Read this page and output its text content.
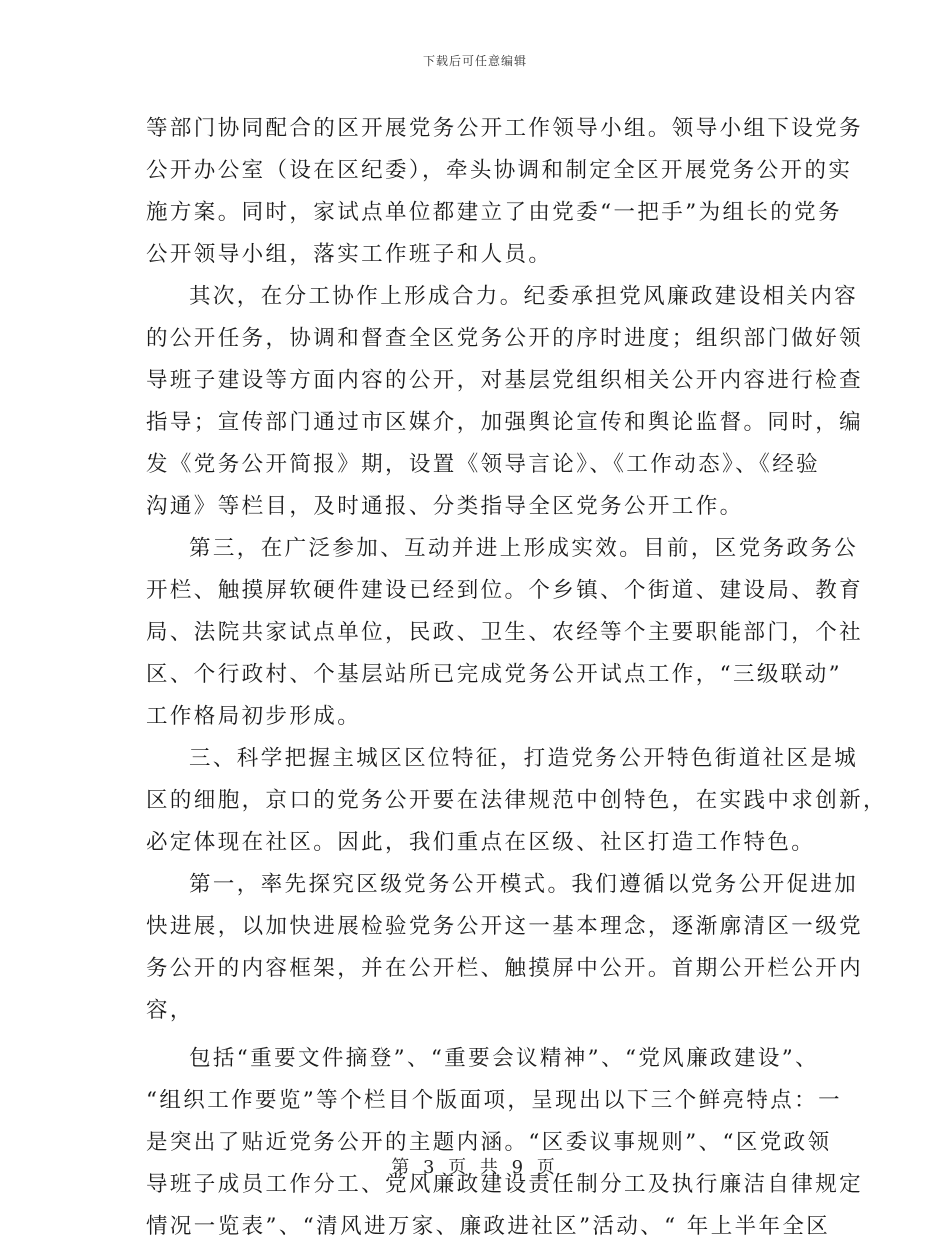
下载后可任意编辑
等部门协同配合的区开展党务公开工作领导小组。领导小组下设党务
公开办公室（设在区纪委），牵头协调和制定全区开展党务公开的实
施方案。同时，家试点单位都建立了由党委“一把手”为组长的党务
公开领导小组，落实工作班子和人员。
其次，在分工协作上形成合力。纪委承担党风廉政建设相关内容
的公开任务，协调和督查全区党务公开的序时进度；组织部门做好领
导班子建设等方面内容的公开，对基层党组织相关公开内容进行检查
指导；宣传部门通过市区媒介，加强舆论宣传和舆论监督。同时，编
发《党务公开简报》期，设置《领导言论》、《工作动态》、《经验
沟通》等栏目，及时通报、分类指导全区党务公开工作。
第三，在广泛参加、互动并进上形成实效。目前，区党务政务公
开栏、触摸屏软硬件建设已经到位。个乡镇、个街道、建设局、教育
局、法院共家试点单位，民政、卫生、农经等个主要职能部门，个社
区、个行政村、个基层站所已完成党务公开试点工作，“三级联动”
工作格局初步形成。
三、科学把握主城区区位特征，打造党务公开特色街道社区是城
区的细胞，京口的党务公开要在法律规范中创特色，在实践中求创新，
必定体现在社区。因此，我们重点在区级、社区打造工作特色。
第一，率先探究区级党务公开模式。我们遵循以党务公开促进加
快进展，以加快进展检验党务公开这一基本理念，逐渐廓清区一级党
务公开的内容框架，并在公开栏、触摸屏中公开。首期公开栏公开内
容，
包括“重要文件摘登”、“重要会议精神”、“党风廉政建设”、
“组织工作要览”等个栏目个版面项，呈现出以下三个鲜亮特点：一
是突出了贴近党务公开的主题内涵。“区委议事规则”、“区党政领
导班子成员工作分工、党风廉政建设责任制分工及执行廉洁自律规定
情况一览表”、“清风进万家、廉政进社区”活动、“ 年上半年全区
第 3 页 共 9 页
